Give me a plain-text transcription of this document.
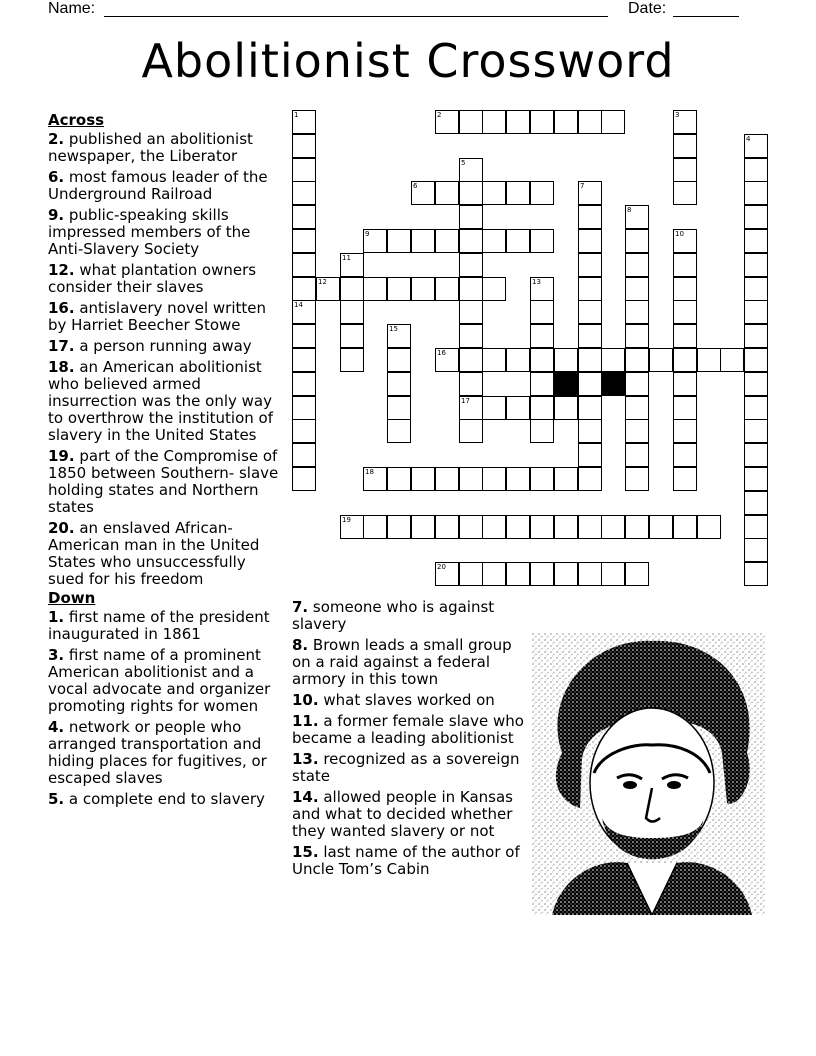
Name:	Date:
Abolitionist Crossword
1
14
2	3
4
5
17
6	7
8
9	10
11
12	13
15
16
18
19
20
Across
2. published an abolitionist newspaper, the Liberator
6. most famous leader of the Underground Railroad
9. public-speaking skills impressed members of the Anti-Slavery Society
12. what plantation owners consider their slaves
16. antislavery novel written by Harriet Beecher Stowe
17. a person running away
18. an American abolitionist who believed armed insurrection was the only way to overthrow the institution of slavery in the United States
19. part of the Compromise of 1850 between Southern- slave holding states and Northern states
20. an enslaved African-American man in the United States who unsuccessfully sued for his freedom
Down
1. first name of the president inaugurated in 1861
3. first name of a prominent American abolitionist and a vocal advocate and organizer promoting rights for women
4. network or people who arranged transportation and hiding places for fugitives, or escaped slaves
5. a complete end to slavery
7. someone who is against slavery
8. Brown leads a small group on a raid against a federal armory in this town
10. what slaves worked on
11. a former female slave who became a leading abolitionist
13. recognized as a sovereign state
14. allowed people in Kansas and what to decided whether they wanted slavery or not
15. last name of the author of Uncle Tom’s Cabin
